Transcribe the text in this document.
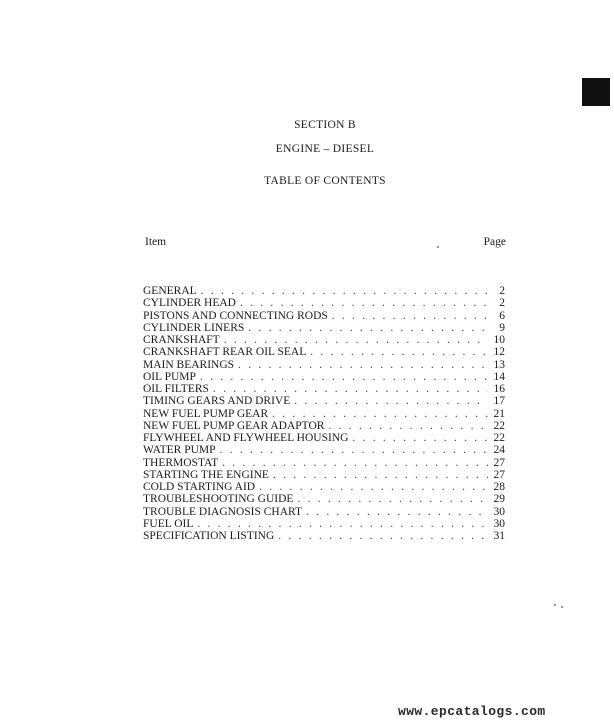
SECTION B
ENGINE – DIESEL
TABLE OF CONTENTS
Item	Page
GENERAL . . .	2
CYLINDER HEAD . . .	2
PISTONS AND CONNECTING RODS . . .	6
CYLINDER LINERS . . .	9
CRANKSHAFT . . .	10
CRANKSHAFT REAR OIL SEAL . . .	12
MAIN BEARINGS . . .	13
OIL PUMP . . .	14
OIL FILTERS . . .	16
TIMING GEARS AND DRIVE . . .	17
NEW FUEL PUMP GEAR . . .	21
NEW FUEL PUMP GEAR ADAPTOR . . .	22
FLYWHEEL AND FLYWHEEL HOUSING . . .	22
WATER PUMP . . .	24
THERMOSTAT . . .	27
STARTING THE ENGINE . . .	27
COLD STARTING AID . . .	28
TROUBLESHOOTING GUIDE . . .	29
TROUBLE DIAGNOSIS CHART . . .	30
FUEL OIL . . .	30
SPECIFICATION LISTING . . .	31
www.epcatalogs.com
